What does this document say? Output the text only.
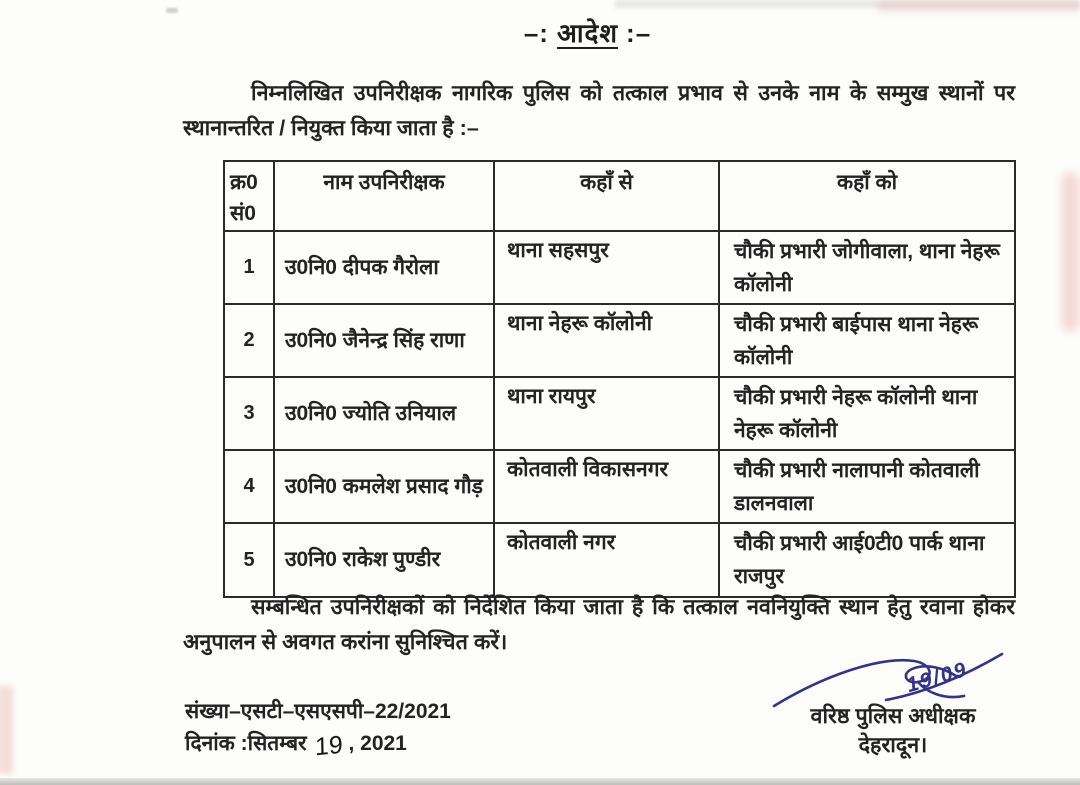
–: आदेश :–
निम्नलिखित उपनिरीक्षक नागरिक पुलिस को तत्काल प्रभाव से उनके नाम के सम्मुख स्थानों पर स्थानान्तरित / नियुक्त किया जाता है :–
क्र0 सं0	नाम उपनिरीक्षक	कहाँ से	कहाँ को
1	उ0नि0 दीपक गैरोला	थाना सहसपुर	चौकी प्रभारी जोगीवाला, थाना नेहरू कॉलोनी
2	उ0नि0 जैनेन्द्र सिंह राणा	थाना नेहरू कॉलोनी	चौकी प्रभारी बाईपास थाना नेहरू कॉलोनी
3	उ0नि0 ज्योति उनियाल	थाना रायपुर	चौकी प्रभारी नेहरू कॉलोनी थाना नेहरू कॉलोनी
4	उ0नि0 कमलेश प्रसाद गौड़	कोतवाली विकासनगर	चौकी प्रभारी नालापानी कोतवाली डालनवाला
5	उ0नि0 राकेश पुण्डीर	कोतवाली नगर	चौकी प्रभारी आई0टी0 पार्क थाना राजपुर
सम्बन्धित उपनिरीक्षकों को निर्देशित किया जाता है कि तत्काल नवनियुक्ति स्थान हेतु रवाना होकर अनुपालन से अवगत करांना सुनिश्चित करें।
संख्या–एसटी–एसएसपी–22/2021
दिनांक :सितम्बर 19 , 2021
19/09
वरिष्ठ पुलिस अधीक्षक
देहरादून।
